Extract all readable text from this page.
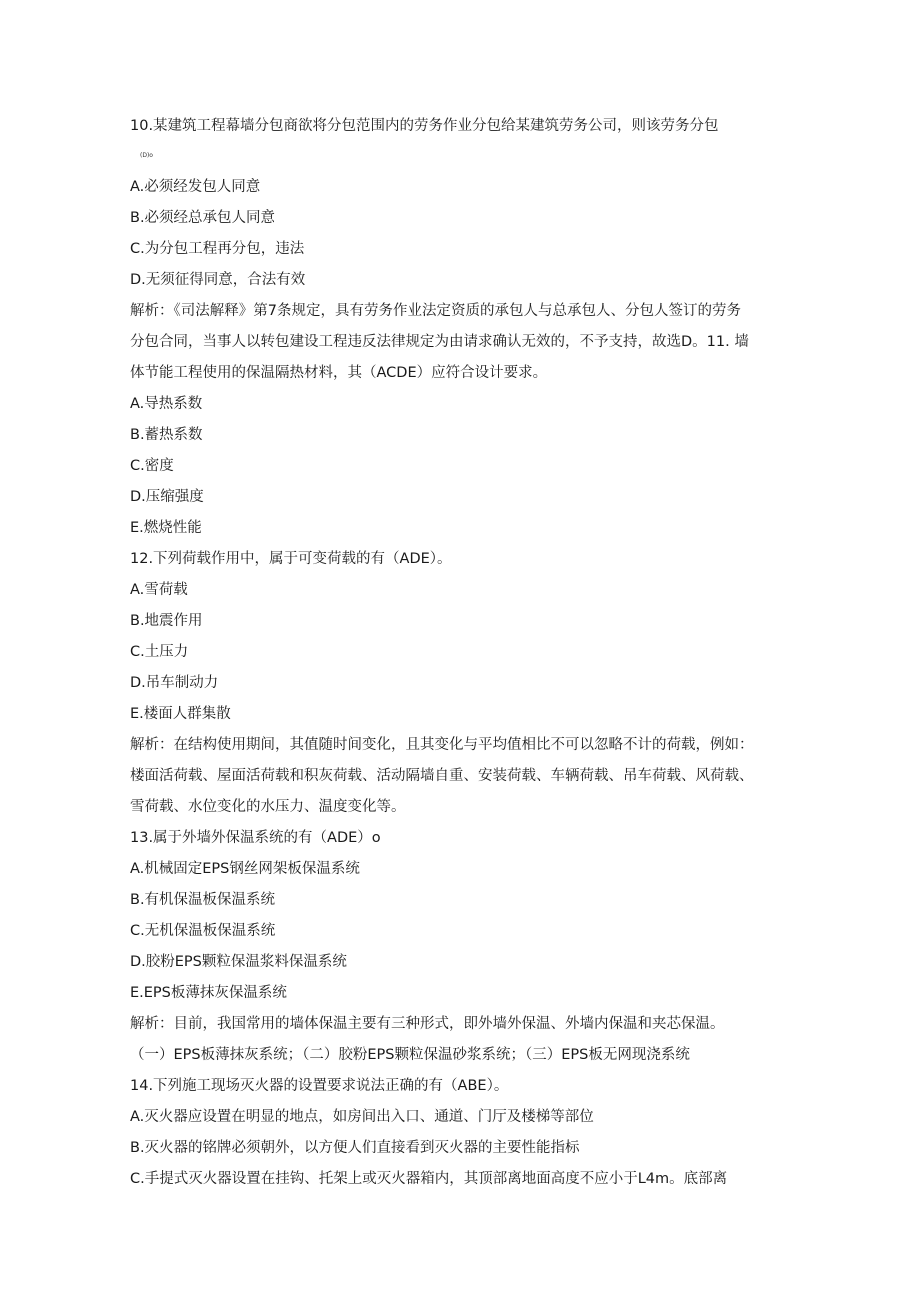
10.某建筑工程幕墙分包商欲将分包范围内的劳务作业分包给某建筑劳务公司，则该劳务分包
(D)o
A.必须经发包人同意
B.必须经总承包人同意
C.为分包工程再分包，违法
D.无须征得同意，合法有效
解析：《司法解释》第7条规定，具有劳务作业法定资质的承包人与总承包人、分包人签订的劳务
分包合同，当事人以转包建设工程违反法律规定为由请求确认无效的，不予支持，故选D。11. 墙
体节能工程使用的保温隔热材料，其（ACDE）应符合设计要求。
A.导热系数
B.蓄热系数
C.密度
D.压缩强度
E.燃烧性能
12.下列荷载作用中，属于可变荷载的有（ADE）。
A.雪荷载
B.地震作用
C.土压力
D.吊车制动力
E.楼面人群集散
解析：在结构使用期间，其值随时间变化，且其变化与平均值相比不可以忽略不计的荷载，例如：
楼面活荷载、屋面活荷载和积灰荷载、活动隔墙自重、安装荷载、车辆荷载、吊车荷载、风荷载、
雪荷载、水位变化的水压力、温度变化等。
13.属于外墙外保温系统的有（ADE）o
A.机械固定EPS钢丝网架板保温系统
B.有机保温板保温系统
C.无机保温板保温系统
D.胶粉EPS颗粒保温浆料保温系统
E.EPS板薄抹灰保温系统
解析：目前，我国常用的墙体保温主要有三种形式，即外墙外保温、外墙内保温和夹芯保温。
（一）EPS板薄抹灰系统；（二）胶粉EPS颗粒保温砂浆系统；（三）EPS板无网现浇系统
14.下列施工现场灭火器的设置要求说法正确的有（ABE）。
A.灭火器应设置在明显的地点，如房间出入口、通道、门厅及楼梯等部位
B.灭火器的铭牌必须朝外，以方便人们直接看到灭火器的主要性能指标
C.手提式灭火器设置在挂钩、托架上或灭火器箱内，其顶部离地面高度不应小于L4m。底部离
